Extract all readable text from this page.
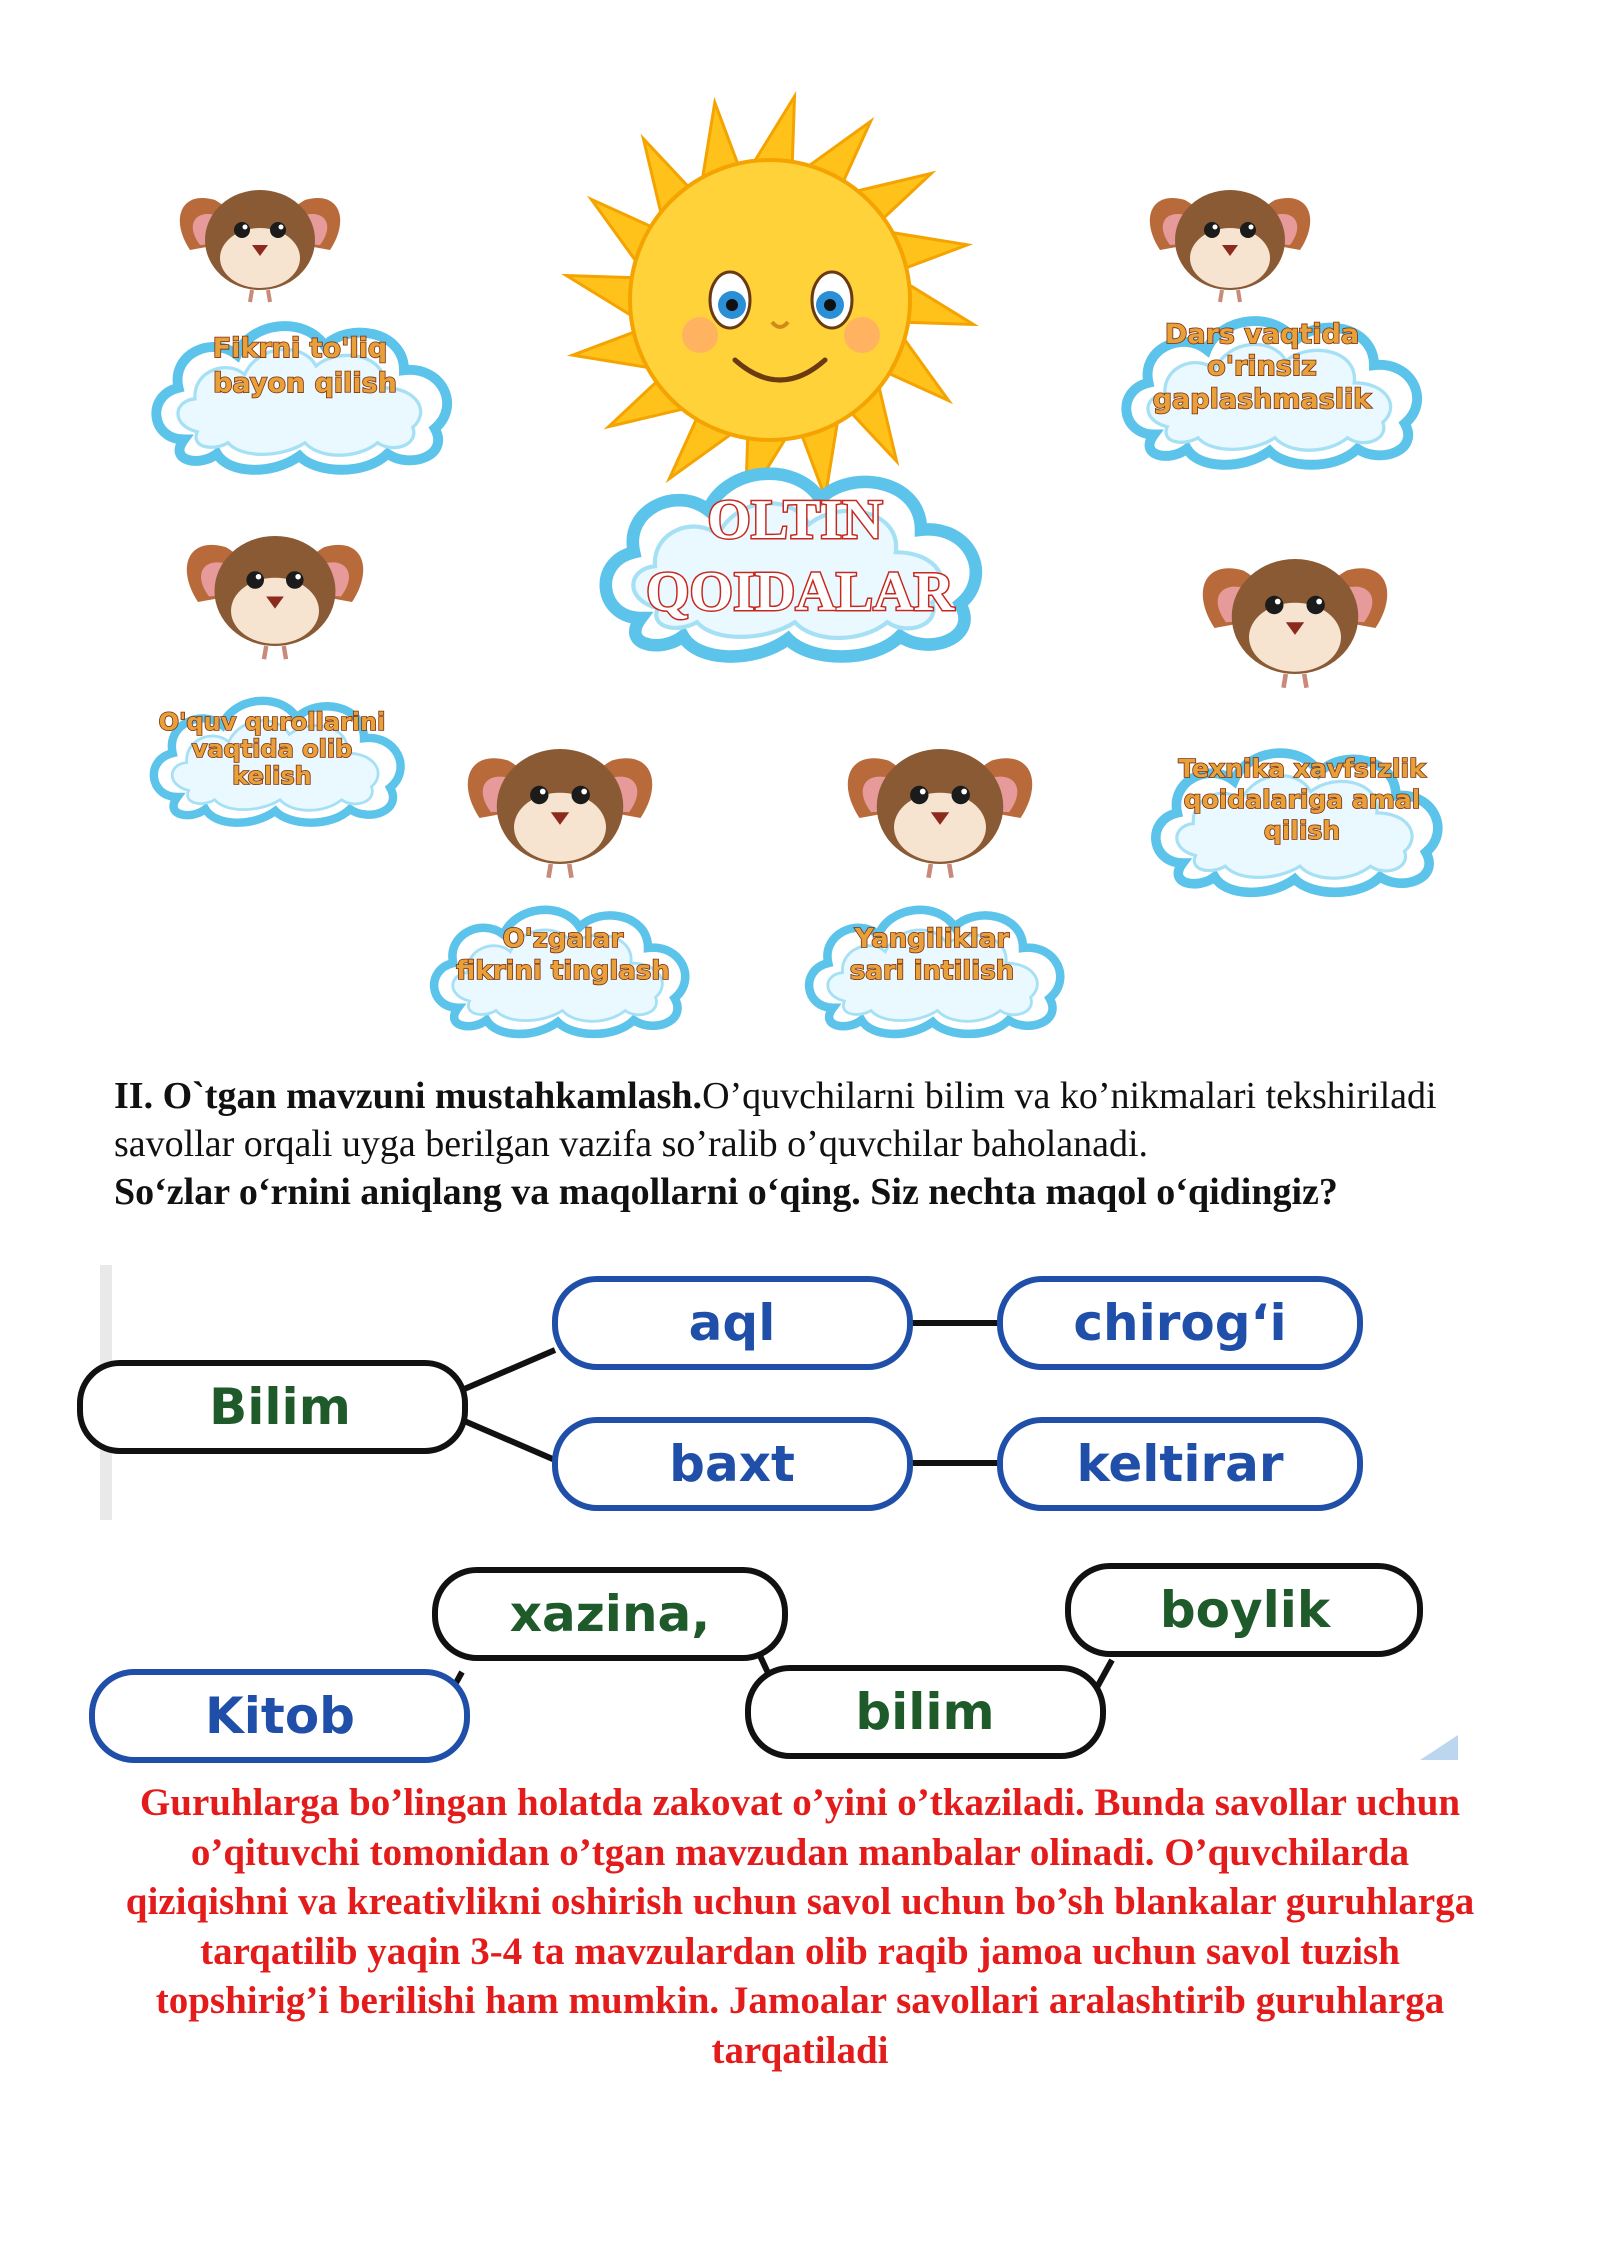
OLTIN
QOIDALAR
Fikrni to'liq
bayon qilish
Dars vaqtida
o'rinsiz
gaplashmaslik
O'quv qurollarini
vaqtida olib
kelish	Texnika xavfsizlik
qoidalariga amal
qilish
O'zgalar
fikrini tinglash
Yangiliklar
sari intilish

II. O`tgan mavzuni mustahkamlash.O’quvchilarni bilim va ko’nikmalari tekshiriladi savollar orqali uyga berilgan vazifa so’ralib o’quvchilar baholanadi.

So‘zlar o‘rnini aniqlang va maqollarni o‘qing. Siz nechta maqol o‘qidingiz?

Bilim
aql	chirog‘i
baxt	keltirar
xazina,	boylik
Kitob	bilim
Guruhlarga bo’lingan holatda zakovat o’yini o’tkaziladi. Bunda savollar uchun o’qituvchi tomonidan o’tgan mavzudan manbalar olinadi. O’quvchilarda qiziqishni va kreativlikni oshirish uchun savol uchun bo’sh blankalar guruhlarga tarqatilib yaqin 3-4 ta mavzulardan olib raqib jamoa uchun savol tuzish topshirig’i berilishi ham mumkin. Jamoalar savollari aralashtirib guruhlarga tarqatiladi
